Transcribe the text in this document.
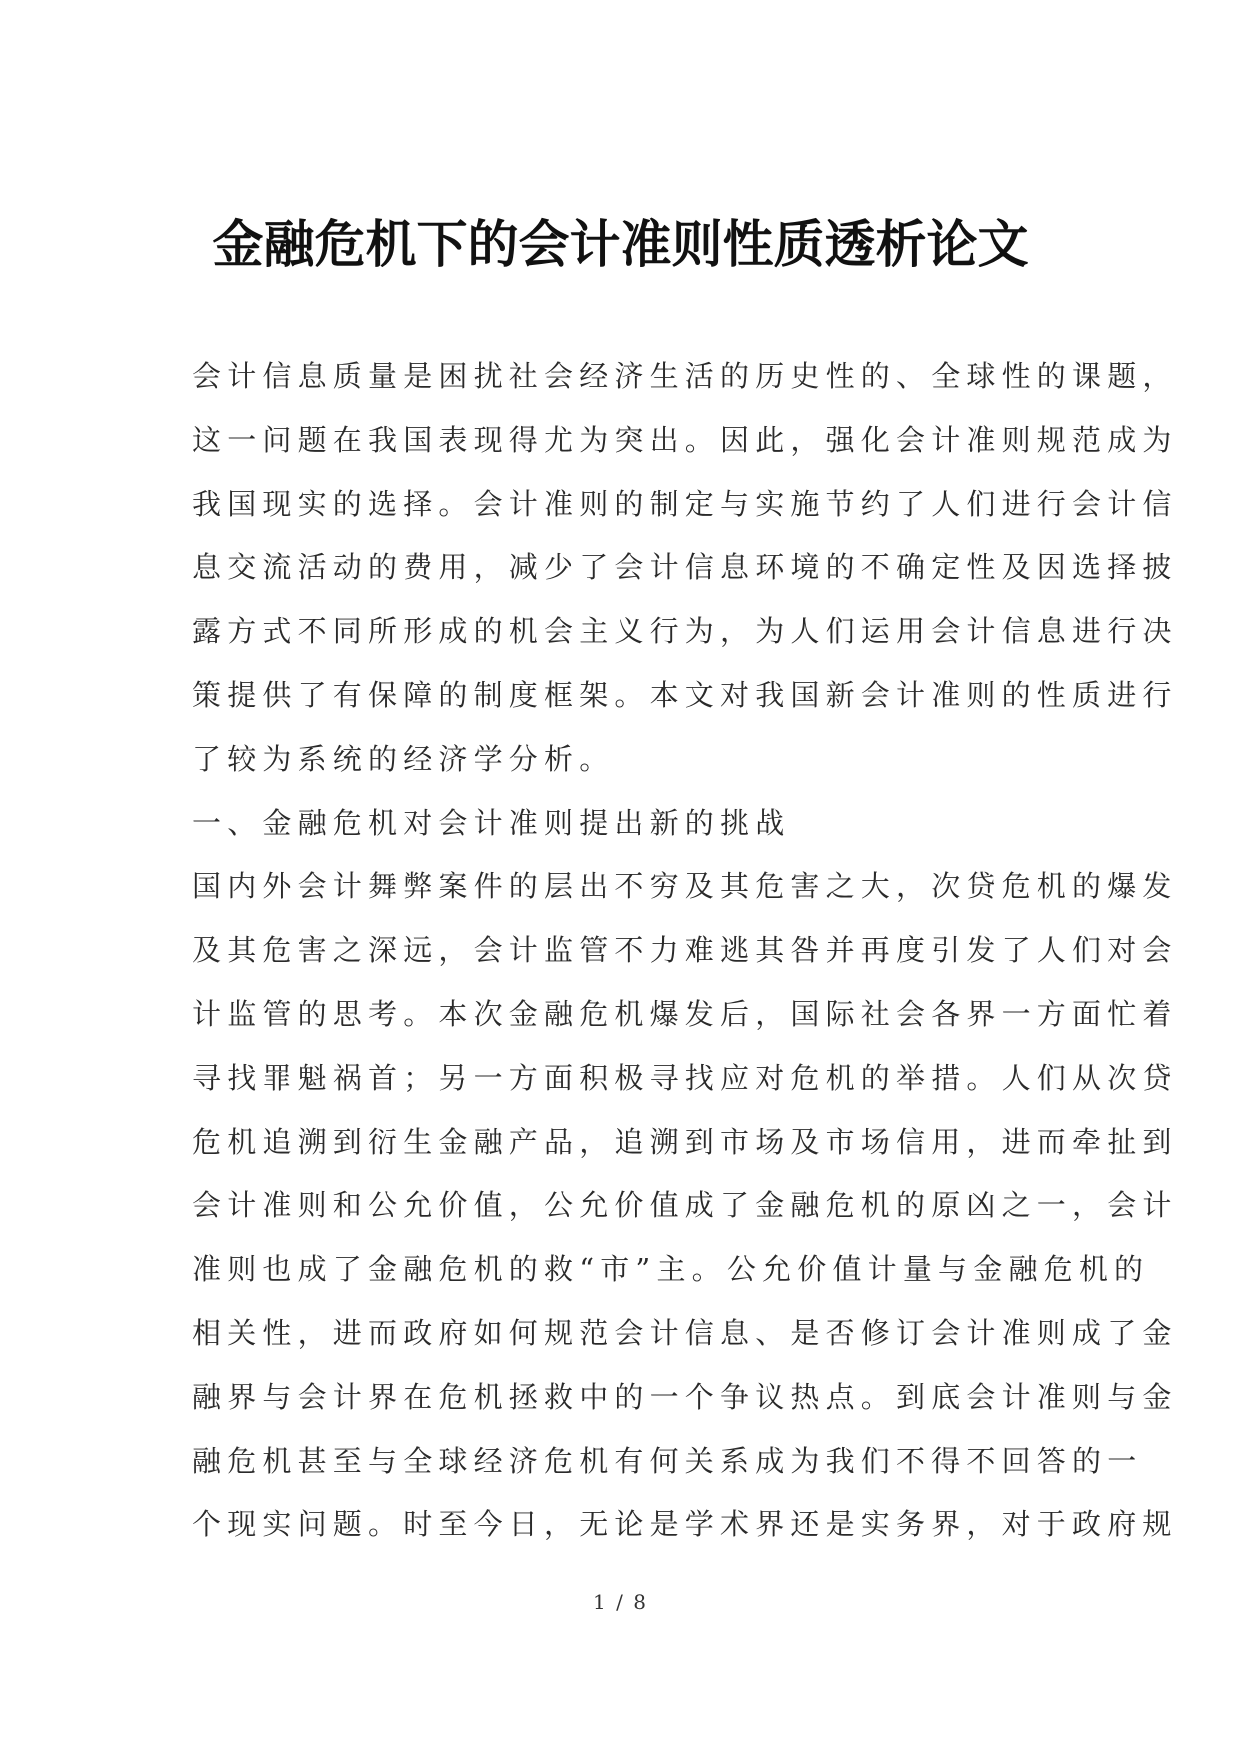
金融危机下的会计准则性质透析论文
会计信息质量是困扰社会经济生活的历史性的、全球性的课题，
这一问题在我国表现得尤为突出。因此，强化会计准则规范成为
我国现实的选择。会计准则的制定与实施节约了人们进行会计信
息交流活动的费用，减少了会计信息环境的不确定性及因选择披
露方式不同所形成的机会主义行为，为人们运用会计信息进行决
策提供了有保障的制度框架。本文对我国新会计准则的性质进行
了较为系统的经济学分析。
一、金融危机对会计准则提出新的挑战
国内外会计舞弊案件的层出不穷及其危害之大，次贷危机的爆发
及其危害之深远，会计监管不力难逃其咎并再度引发了人们对会
计监管的思考。本次金融危机爆发后，国际社会各界一方面忙着
寻找罪魁祸首；另一方面积极寻找应对危机的举措。人们从次贷
危机追溯到衍生金融产品，追溯到市场及市场信用，进而牵扯到
会计准则和公允价值，公允价值成了金融危机的原凶之一，会计
准则也成了金融危机的救“市”主。公允价值计量与金融危机的
相关性，进而政府如何规范会计信息、是否修订会计准则成了金
融界与会计界在危机拯救中的一个争议热点。到底会计准则与金
融危机甚至与全球经济危机有何关系成为我们不得不回答的一
个现实问题。时至今日，无论是学术界还是实务界，对于政府规
1 / 8
